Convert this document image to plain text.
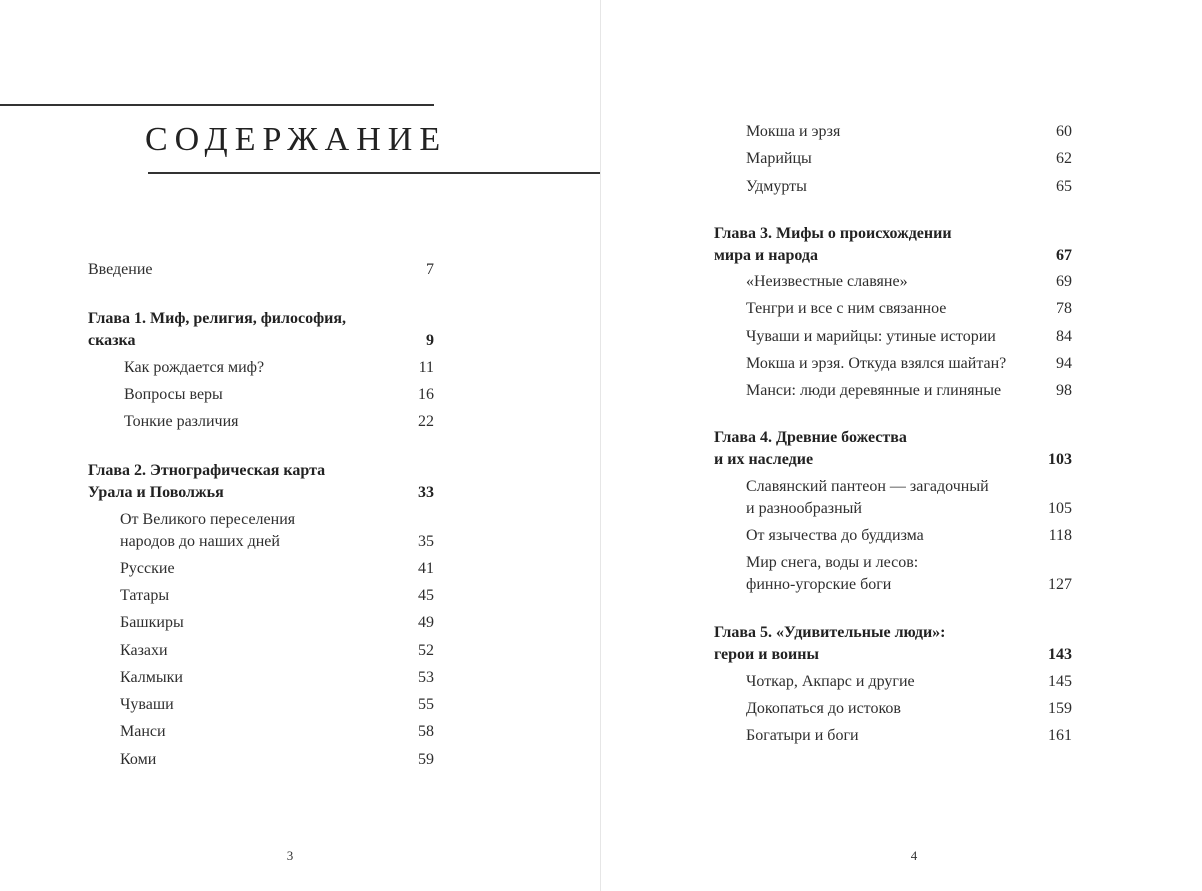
СОДЕРЖАНИЕ
Введение	7
Глава 1. Миф, религия, философия,
сказка	9
Как рождается миф?	11
Вопросы веры	16
Тонкие различия	22
Глава 2. Этнографическая карта
Урала и Поволжья	33
От Великого переселения
народов до наших дней	35
Русские	41
Татары	45
Башкиры	49
Казахи	52
Калмыки	53
Чуваши	55
Манси	58
Коми	59
3
Мокша и эрзя	60
Марийцы	62
Удмурты	65
Глава 3. Мифы о происхождении
мира и народа	67
«Неизвестные славяне»	69
Тенгри и все с ним связанное	78
Чуваши и марийцы: утиные истории	84
Мокша и эрзя. Откуда взялся шайтан?	94
Манси: люди деревянные и глиняные	98
Глава 4. Древние божества
и их наследие	103
Славянский пантеон — загадочный
и разнообразный	105
От язычества до буддизма	118
Мир снега, воды и лесов:
финно-угорские боги	127
Глава 5. «Удивительные люди»:
герои и воины	143
Чоткар, Акпарс и другие	145
Докопаться до истоков	159
Богатыри и боги	161
4
